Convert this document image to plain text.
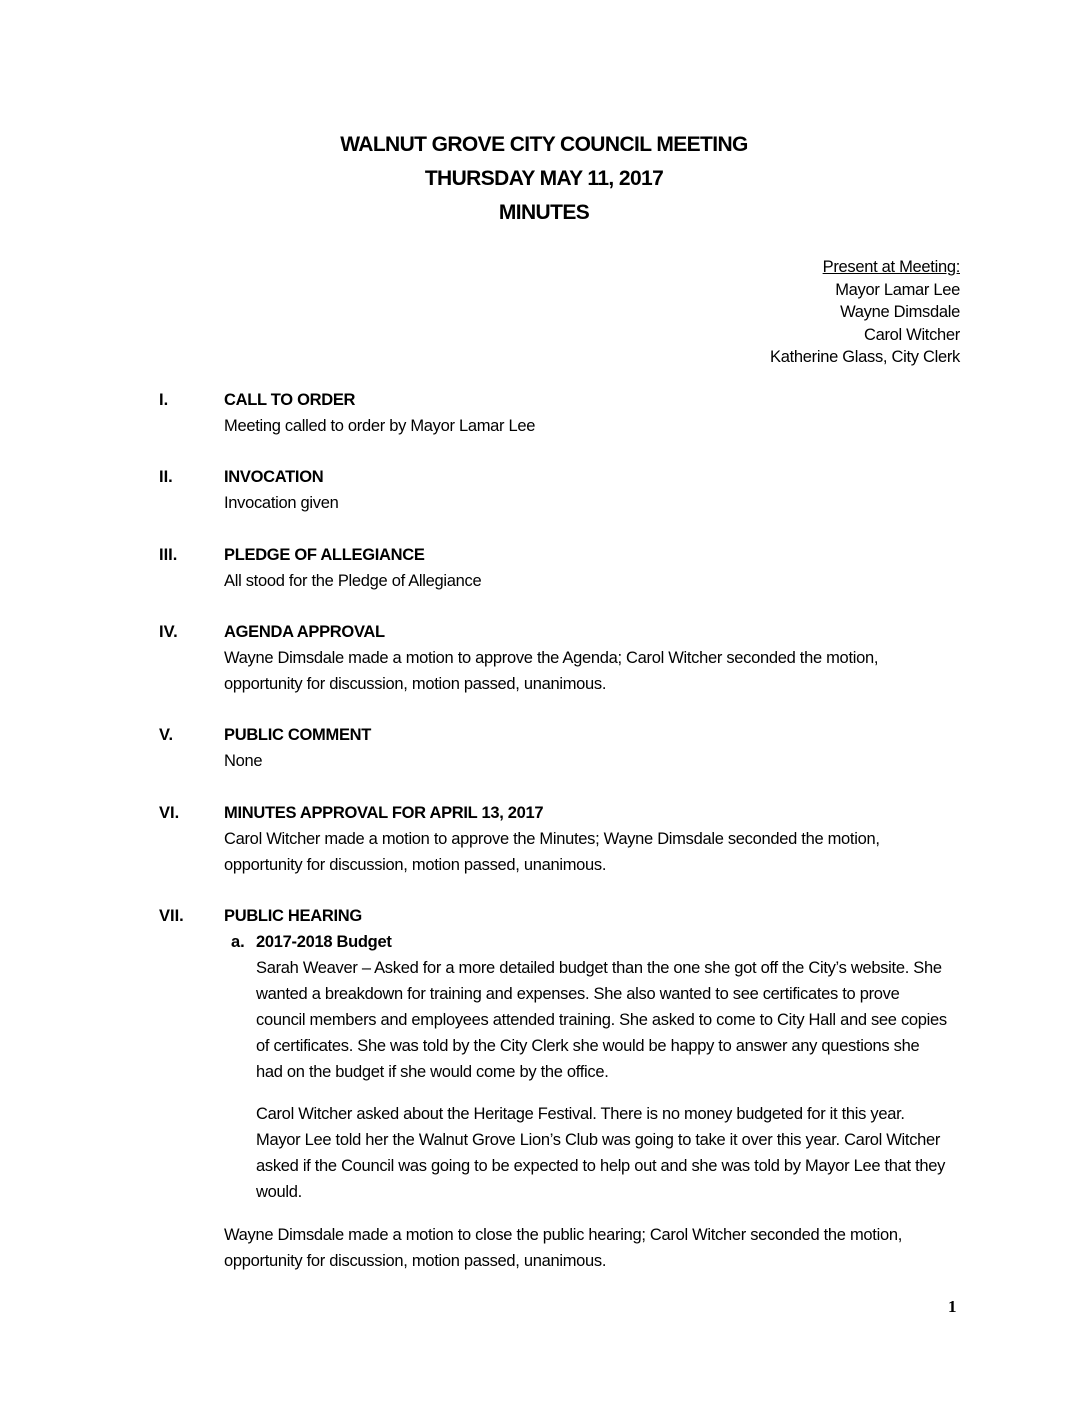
WALNUT GROVE CITY COUNCIL MEETING
THURSDAY MAY 11, 2017
MINUTES
Present at Meeting:
Mayor Lamar Lee
Wayne Dimsdale
Carol Witcher
Katherine Glass, City Clerk
I.	CALL TO ORDER
Meeting called to order by Mayor Lamar Lee
II.	INVOCATION
Invocation given
III.	PLEDGE OF ALLEGIANCE
All stood for the Pledge of Allegiance
IV.	AGENDA APPROVAL
Wayne Dimsdale made a motion to approve the Agenda; Carol Witcher seconded the motion,
opportunity for discussion, motion passed, unanimous.
V.	PUBLIC COMMENT
None
VI.	MINUTES APPROVAL FOR APRIL 13, 2017
Carol Witcher made a motion to approve the Minutes; Wayne Dimsdale seconded the motion,
opportunity for discussion, motion passed, unanimous.
VII. PUBLIC HEARING
a. 2017-2018 Budget
Sarah Weaver – Asked for a more detailed budget than the one she got off the City’s website. She
wanted a breakdown for training and expenses. She also wanted to see certificates to prove
council members and employees attended training. She asked to come to City Hall and see copies
of certificates. She was told by the City Clerk she would be happy to answer any questions she
had on the budget if she would come by the office.
Carol Witcher asked about the Heritage Festival. There is no money budgeted for it this year.
Mayor Lee told her the Walnut Grove Lion’s Club was going to take it over this year. Carol Witcher
asked if the Council was going to be expected to help out and she was told by Mayor Lee that they
would.
Wayne Dimsdale made a motion to close the public hearing; Carol Witcher seconded the motion,
opportunity for discussion, motion passed, unanimous.
1
